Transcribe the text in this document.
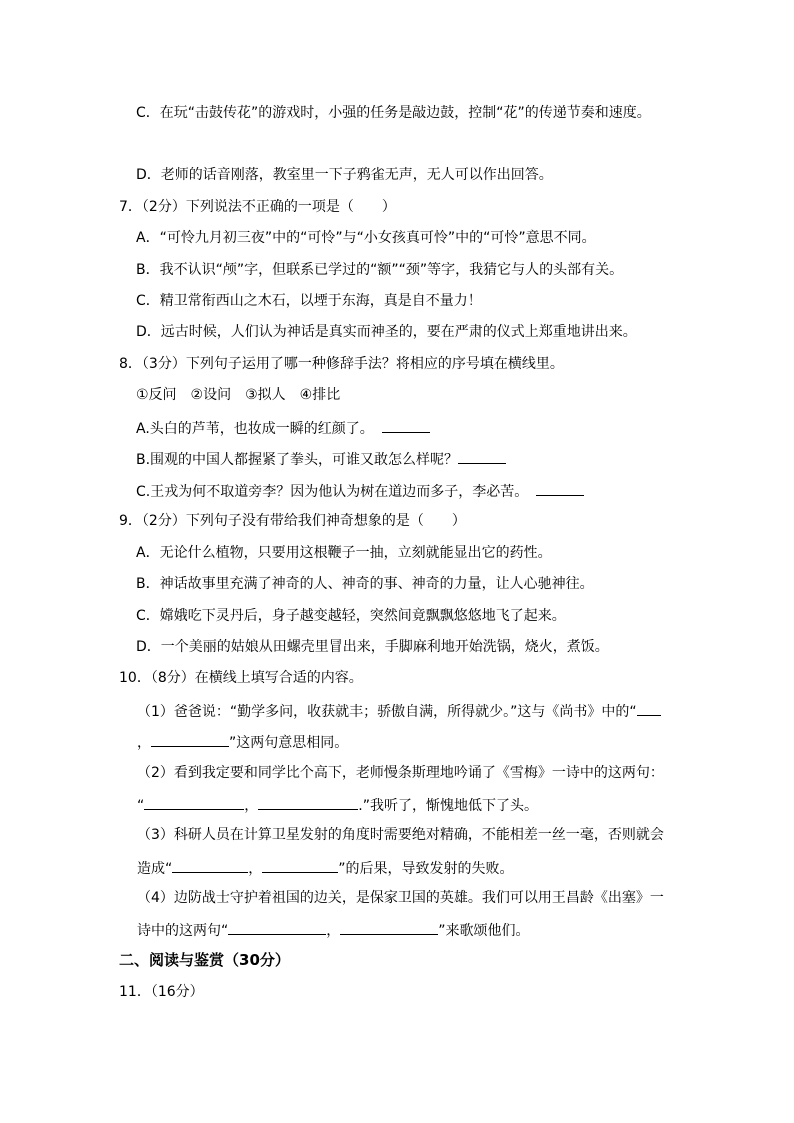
C．在玩“击鼓传花”的游戏时，小强的任务是敲边鼓，控制“花”的传递节奏和速度。
D．老师的话音刚落，教室里一下子鸦雀无声，无人可以作出回答。
7．（2分）下列说法不正确的一项是（　　）
A．“可怜九月初三夜”中的“可怜”与“小女孩真可怜”中的“可怜”意思不同。
B．我不认识“颅”字，但联系已学过的“额”“颈”等字，我猜它与人的头部有关。
C．精卫常衔西山之木石，以堙于东海，真是自不量力！
D．远古时候，人们认为神话是真实而神圣的，要在严肃的仪式上郑重地讲出来。
8．（3分）下列句子运用了哪一种修辞手法？将相应的序号填在横线里。
①反问　②设问　③拟人　④排比
A.头白的芦苇，也妆成一瞬的红颜了。
B.围观的中国人都握紧了拳头，可谁又敢怎么样呢？
C.王戎为何不取道旁李？因为他认为树在道边而多子，李必苦。
9．（2分）下列句子没有带给我们神奇想象的是（　　）
A．无论什么植物，只要用这根鞭子一抽，立刻就能显出它的药性。
B．神话故事里充满了神奇的人、神奇的事、神奇的力量，让人心驰神往。
C．嫦娥吃下灵丹后，身子越变越轻，突然间竟飘飘悠悠地飞了起来。
D．一个美丽的姑娘从田螺壳里冒出来，手脚麻利地开始洗锅，烧火，煮饭。
10．（8分）在横线上填写合适的内容。
（1）爸爸说：“勤学多问，收获就丰；骄傲自满，所得就少。”这与《尚书》中的“
，	”这两句意思相同。
（2）看到我定要和同学比个高下，老师慢条斯理地吟诵了《雪梅》一诗中的这两句：
“	，	.”我听了，惭愧地低下了头。
（3）科研人员在计算卫星发射的角度时需要绝对精确，不能相差一丝一毫，否则就会
造成“	，	”的后果，导致发射的失败。
（4）边防战士守护着祖国的边关，是保家卫国的英雄。我们可以用王昌龄《出塞》一
诗中的这两句“	，	”来歌颂他们。
二、阅读与鉴赏（30分）
11．（16分）
